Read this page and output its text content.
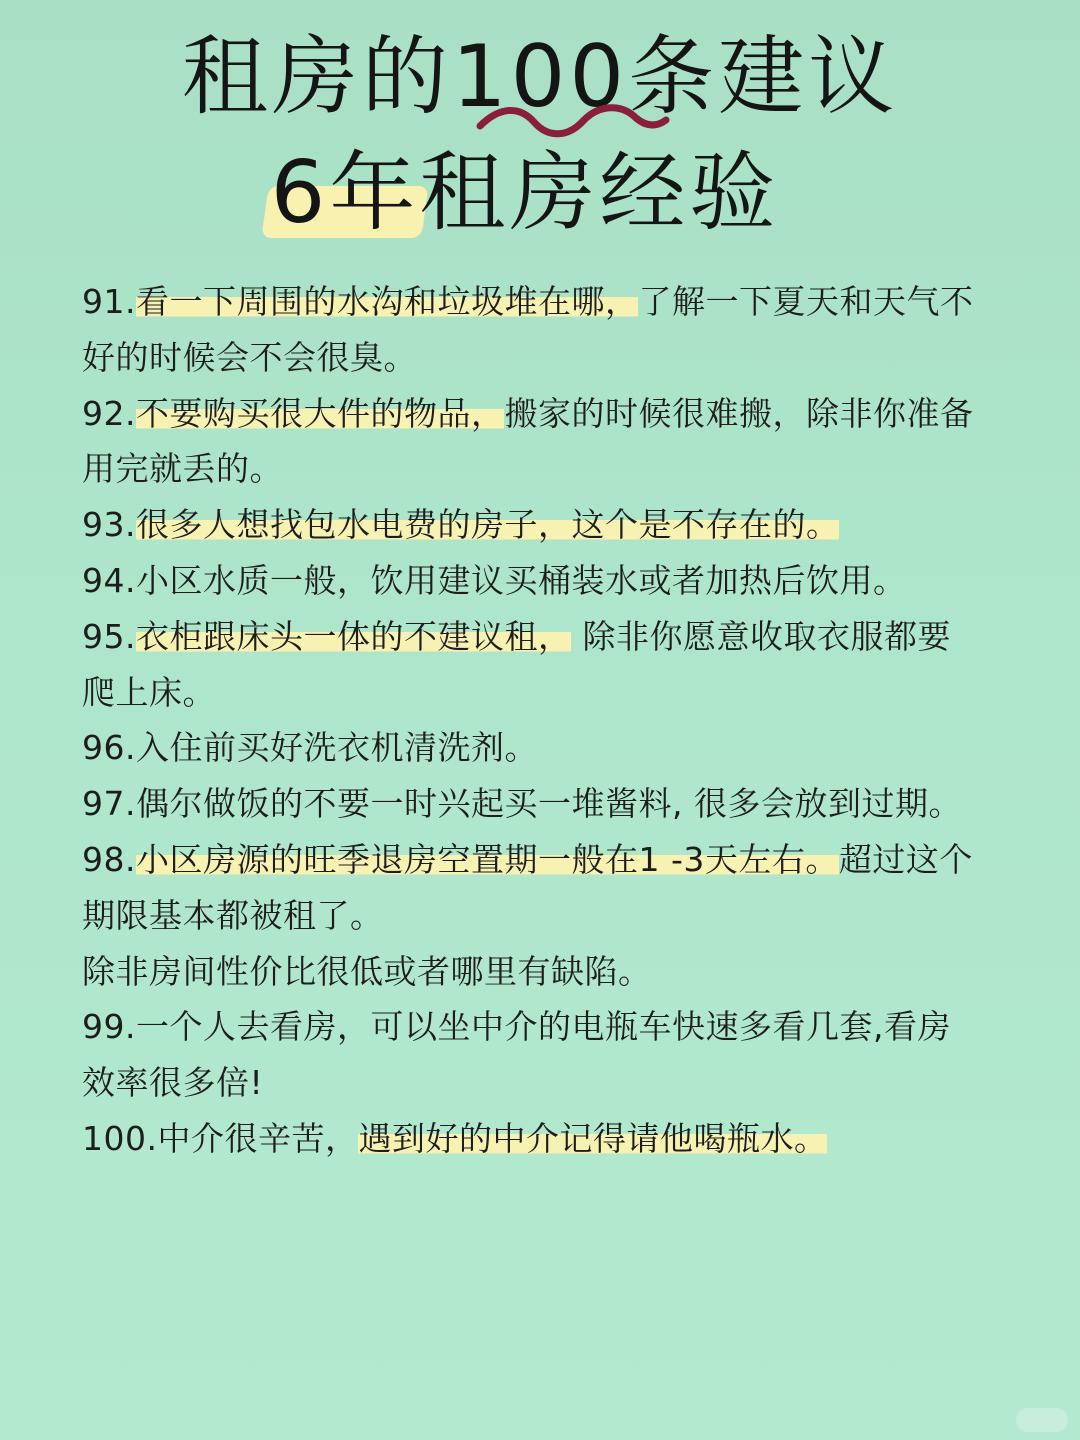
租房的100条建议
6年租房经验

91.看一下周围的水沟和垃圾堆在哪，了解一下夏天和天气不好的时候会不会很臭。

92.不要购买很大件的物品，搬家的时候很难搬，除非你准备用完就丢的。

93.很多人想找包水电费的房子，这个是不存在的。

94.小区水质一般，饮用建议买桶装水或者加热后饮用。

95.衣柜跟床头一体的不建议租， 除非你愿意收取衣服都要爬上床。

96.入住前买好洗衣机清洗剂。

97.偶尔做饭的不要一时兴起买一堆酱料, 很多会放到过期。

98.小区房源的旺季退房空置期一般在1 -3天左右。超过这个期限基本都被租了。

除非房间性价比很低或者哪里有缺陷。

99.一个人去看房，可以坐中介的电瓶车快速多看几套,看房效率很多倍!

100.中介很辛苦，遇到好的中介记得请他喝瓶水。
